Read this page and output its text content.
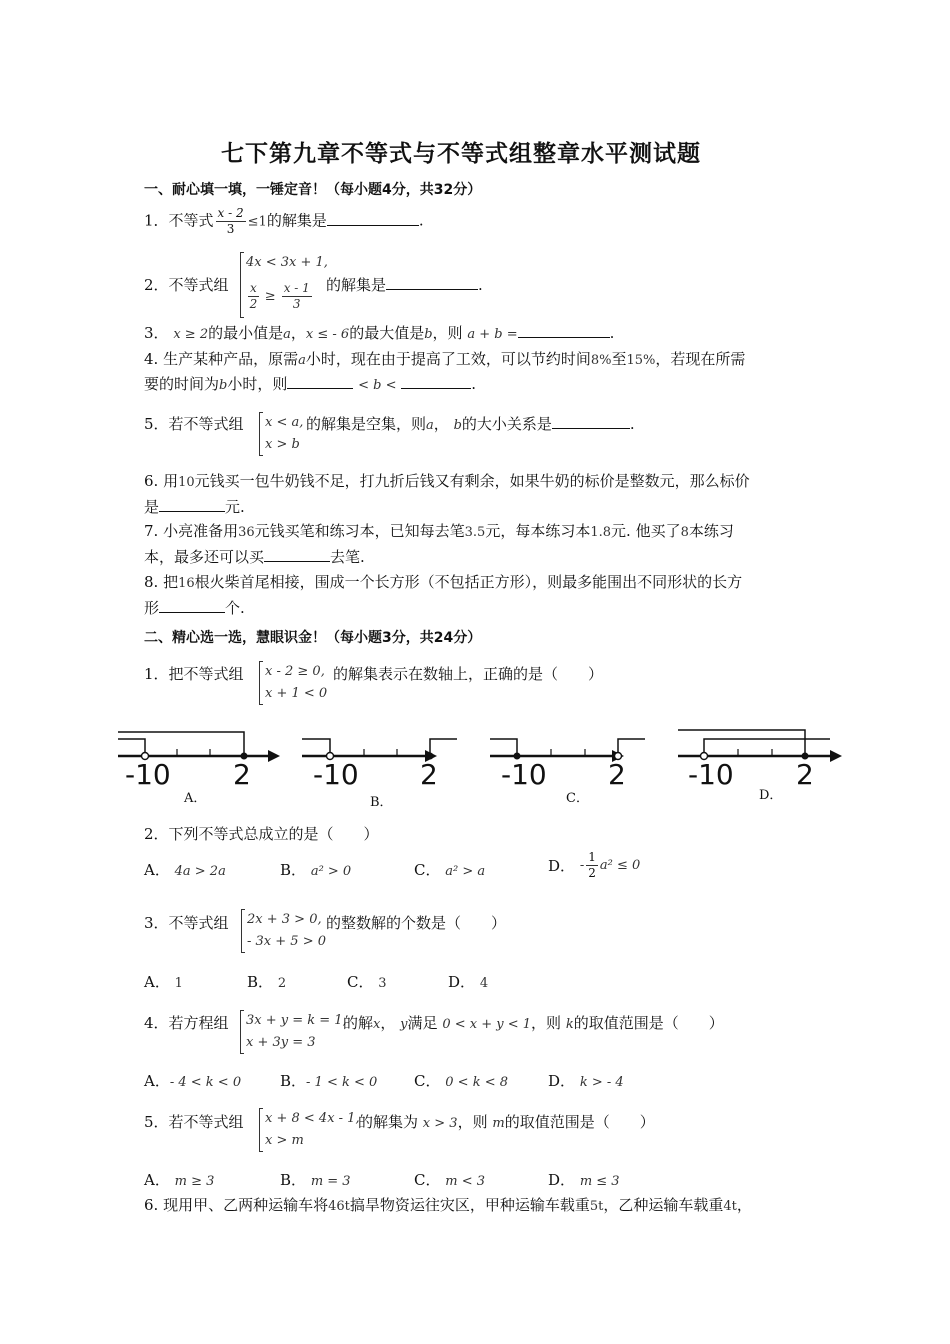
七下第九章不等式与不等式组整章水平测试题
一、耐心填一填，一锤定音！（每小题4分，共32分）
1．不等式 $\frac{x - 2}{3} \le 1$的解集是	.
2．不等式组
4x < 3x + 1,
$\frac{x}{2} \ge \frac{x - 1}{3}$ 的解集是	.
3． x ≥ 2的最小值是a，x ≤ - 6的最大值是b，则 a + b =	.
4. 生产某种产品，原需a小时，现在由于提高了工效，可以节约时间8%至15%，若现在所需
要的时间为b小时，则	< b <	.
5．若不等式组 x < a,
x > b
的解集是空集，则a， b的大小关系是	.
6. 用10元钱买一包牛奶钱不足，打九折后钱又有剩余，如果牛奶的标价是整数元，那么标价
是	元.
7. 小亮准备用36元钱买笔和练习本，已知每去笔3.5元，每本练习本1.8元. 他买了8本练习
本，最多还可以买	去笔.
8. 把16根火柴首尾相接，围成一个长方形（不包括正方形），则最多能围出不同形状的长方
形	个.
二、精心选一选，慧眼识金！（每小题3分，共24分）
1．把不等式组 x - 2 ≥ 0,
x + 1 < 0
的解集表示在数轴上，正确的是（　　）
-10 2 -10 2 -10 2 -10 2
A．	B．	C．	D．
2．下列不等式总成立的是（　　）
A． 4a > 2a	B． a² > 0	C． a² > a	D．
- $\frac{1}{2} a^2 \le 0$
3．不等式组 2x + 3 > 0,
- 3x + 5 > 0
的整数解的个数是（　　）
A． 1	B． 2	C． 3	D． 4
4．若方程组 3x + y = k = 1,
x + 3y = 3
的解x， y满足 0 < x + y < 1，则 k的取值范围是（　　）
A．- 4 < k < 0	B．- 1 < k < 0 C． 0 < k < 8	D． k > - 4
5．若不等式组 x + 8 < 4x - 1,
x > m
的解集为 x > 3，则 m的取值范围是（　　）
A． m ≥ 3	B． m = 3	C． m < 3	D． m ≤ 3
6. 现用甲、乙两种运输车将46t搞旱物资运往灾区，甲种运输车载重5t，乙种运输车载重4t，
